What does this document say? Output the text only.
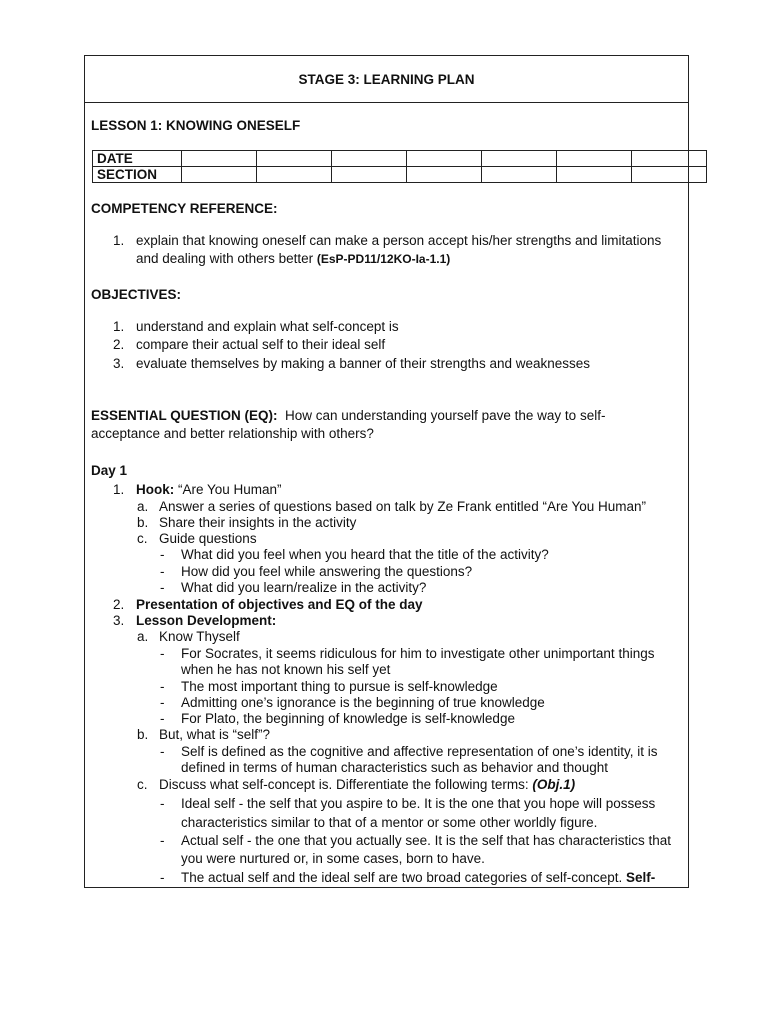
STAGE 3: LEARNING PLAN
LESSON 1: KNOWING ONESELF
DATE							
SECTION							
COMPETENCY REFERENCE:
1. explain that knowing oneself can make a person accept his/her strengths and limitations
and dealing with others better (EsP-PD11/12KO-Ia-1.1)
OBJECTIVES:
1. understand and explain what self-concept is
2. compare their actual self to their ideal self
3. evaluate themselves by making a banner of their strengths and weaknesses
ESSENTIAL QUESTION (EQ):  How can understanding yourself pave the way to self-
acceptance and better relationship with others?
Day 1
1. Hook: “Are You Human”
a. Answer a series of questions based on talk by Ze Frank entitled “Are You Human”
b. Share their insights in the activity
c. Guide questions
- What did you feel when you heard that the title of the activity?
- How did you feel while answering the questions?
- What did you learn/realize in the activity?
2. Presentation of objectives and EQ of the day
3. Lesson Development:
a. Know Thyself
- For Socrates, it seems ridiculous for him to investigate other unimportant things
when he has not known his self yet
- The most important thing to pursue is self-knowledge
- Admitting one’s ignorance is the beginning of true knowledge
- For Plato, the beginning of knowledge is self-knowledge
b. But, what is “self”?
- Self is defined as the cognitive and affective representation of one’s identity, it is
defined in terms of human characteristics such as behavior and thought
c. Discuss what self-concept is. Differentiate the following terms: (Obj.1)
- Ideal self - the self that you aspire to be. It is the one that you hope will possess
characteristics similar to that of a mentor or some other worldly figure.
- Actual self - the one that you actually see. It is the self that has characteristics that
you were nurtured or, in some cases, born to have.
- The actual self and the ideal self are two broad categories of self-concept. Self-
